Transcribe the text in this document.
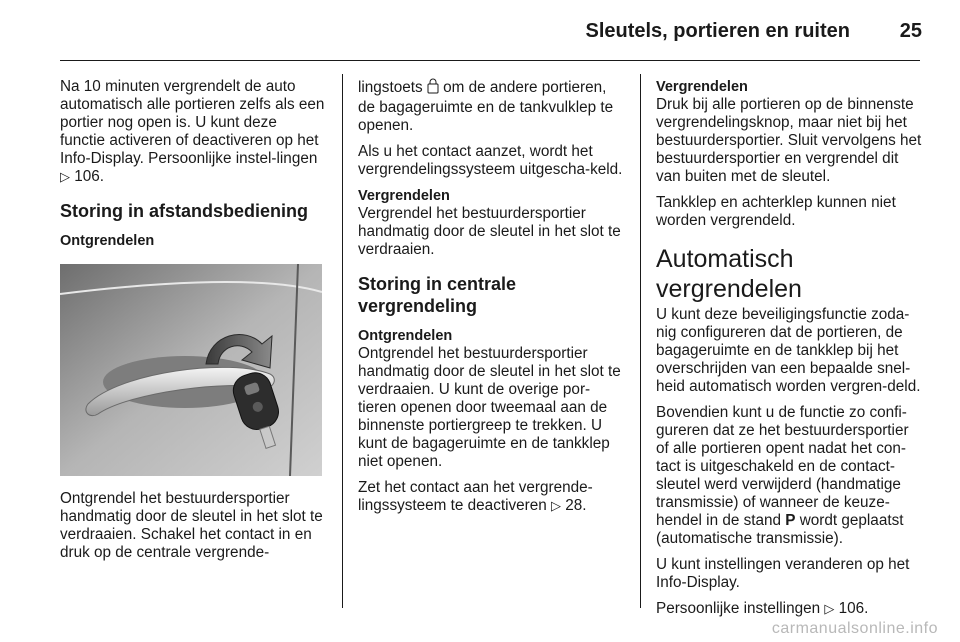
Sleutels, portieren en ruiten 25

Na 10 minuten vergrendelt de auto automatisch alle portieren zelfs als een portier nog open is. U kunt deze functie activeren of deactiveren op het Info-Display. Persoonlijke instel-lingen ▷ 106.

Storing in afstandsbediening
Ontgrendelen

Ontgrendel het bestuurdersportier handmatig door de sleutel in het slot te verdraaien. Schakel het contact in en druk op de centrale vergrende-

lingstoets om de andere portieren, de bagageruimte en de tankvulklep te openen.

Als u het contact aanzet, wordt het vergrendelingssysteem uitgescha-keld.

Vergrendelen

Vergrendel het bestuurdersportier handmatig door de sleutel in het slot te verdraaien.

Storing in centrale vergrendeling
Ontgrendelen

Ontgrendel het bestuurdersportier handmatig door de sleutel in het slot te verdraaien. U kunt de overige por-tieren openen door tweemaal aan de binnenste portiergreep te trekken. U kunt de bagageruimte en de tankklep niet openen.

Zet het contact aan het vergrende-lingssysteem te deactiveren ▷ 28.

Vergrendelen

Druk bij alle portieren op de binnenste vergrendelingsknop, maar niet bij het bestuurdersportier. Sluit vervolgens het bestuurdersportier en vergrendel dit van buiten met de sleutel.

Tankklep en achterklep kunnen niet worden vergrendeld.

Automatisch vergrendelen

U kunt deze beveiligingsfunctie zoda-nig configureren dat de portieren, de bagageruimte en de tankklep bij het overschrijden van een bepaalde snel-heid automatisch worden vergren-deld.

Bovendien kunt u de functie zo confi-gureren dat ze het bestuurdersportier of alle portieren opent nadat het con-tact is uitgeschakeld en de contact-sleutel werd verwijderd (handmatige transmissie) of wanneer de keuze-hendel in de stand P wordt geplaatst (automatische transmissie).

U kunt instellingen veranderen op het Info-Display.

Persoonlijke instellingen ▷ 106.

carmanualsonline.info
